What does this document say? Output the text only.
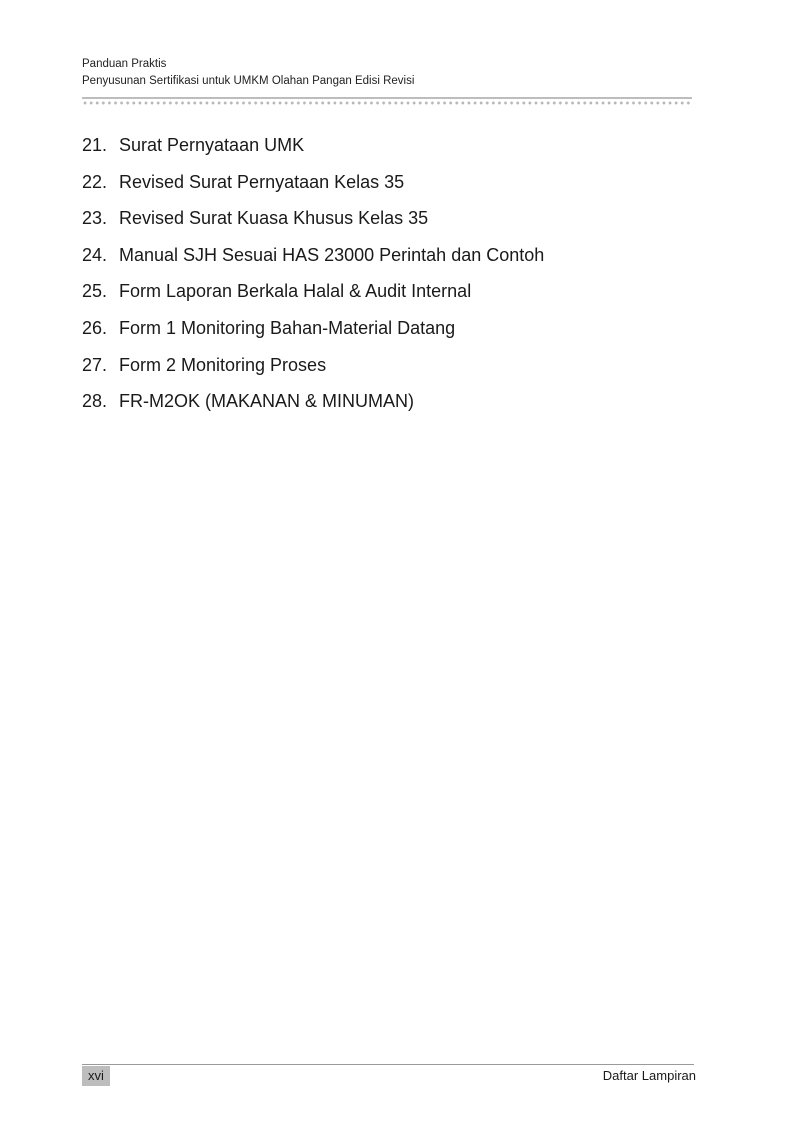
Panduan Praktis
Penyusunan Sertifikasi untuk UMKM Olahan Pangan Edisi Revisi
21. Surat Pernyataan UMK
22. Revised Surat Pernyataan Kelas 35
23. Revised Surat Kuasa Khusus Kelas 35
24. Manual SJH Sesuai HAS 23000 Perintah dan Contoh
25. Form Laporan Berkala Halal & Audit Internal
26. Form 1 Monitoring Bahan-Material Datang
27. Form 2 Monitoring Proses
28. FR-M2OK (MAKANAN & MINUMAN)
xvi	Daftar Lampiran
